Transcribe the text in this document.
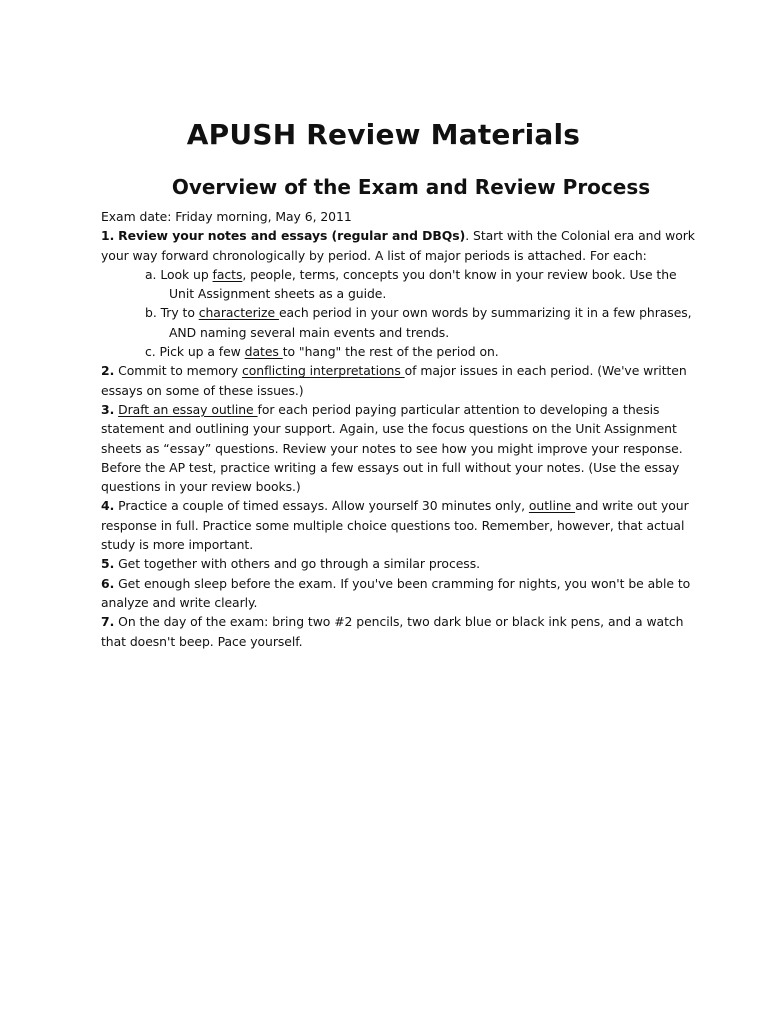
APUSH Review Materials
Overview of the Exam and Review Process
Exam date: Friday morning, May 6, 2011
1. Review your notes and essays (regular and DBQs). Start with the Colonial era and work
your way forward chronologically by period. A list of major periods is attached. For each:
a. Look up facts, people, terms, concepts you don't know in your review book. Use the
Unit Assignment sheets as a guide.
b. Try to characterize each period in your own words by summarizing it in a few phrases,
AND naming several main events and trends.
c. Pick up a few dates to "hang" the rest of the period on.
2. Commit to memory conflicting interpretations of major issues in each period. (We've written
essays on some of these issues.)
3. Draft an essay outline for each period paying particular attention to developing a thesis
statement and outlining your support. Again, use the focus questions on the Unit Assignment
sheets as “essay” questions. Review your notes to see how you might improve your response.
Before the AP test, practice writing a few essays out in full without your notes. (Use the essay
questions in your review books.)
4. Practice a couple of timed essays. Allow yourself 30 minutes only, outline and write out your
response in full. Practice some multiple choice questions too. Remember, however, that actual
study is more important.
5. Get together with others and go through a similar process.
6. Get enough sleep before the exam. If you've been cramming for nights, you won't be able to
analyze and write clearly.
7. On the day of the exam: bring two #2 pencils, two dark blue or black ink pens, and a watch
that doesn't beep. Pace yourself.
